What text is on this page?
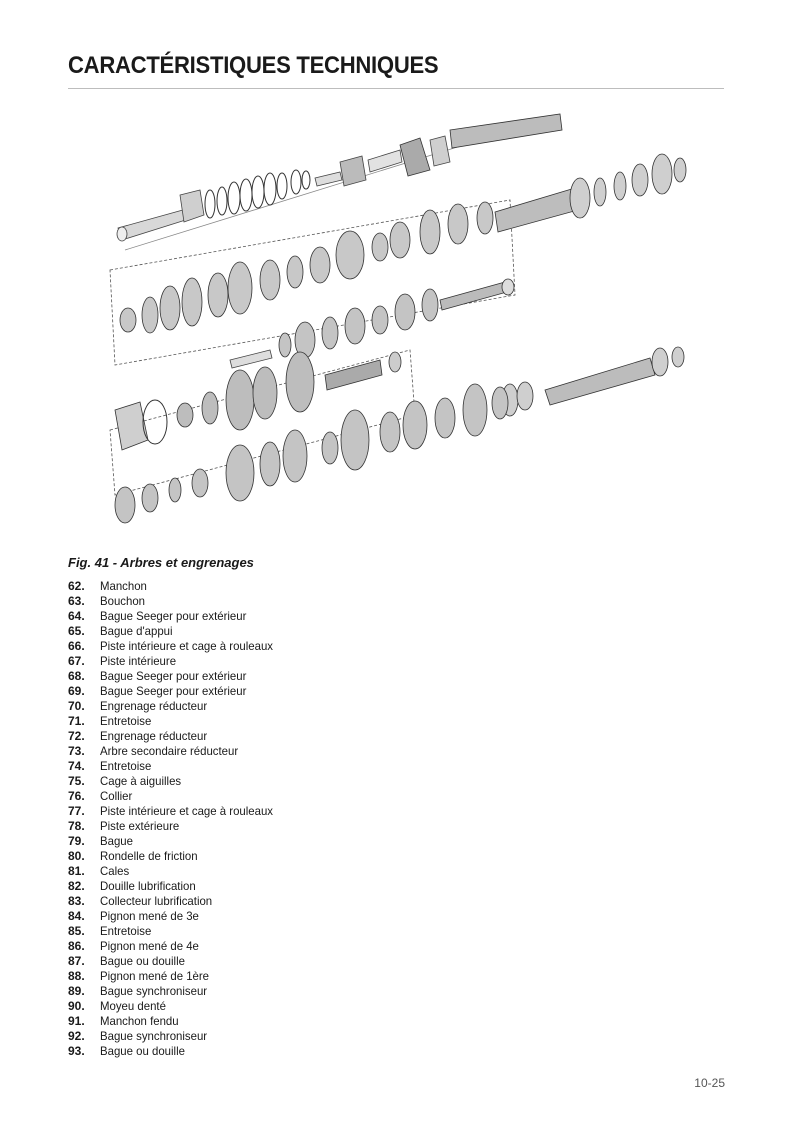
CARACTÉRISTIQUES TECHNIQUES
Fig. 41 - Arbres et engrenages
62.	Manchon
63.	Bouchon
64.	Bague Seeger pour extérieur
65.	Bague d'appui
66.	Piste intérieure et cage à rouleaux
67.	Piste intérieure
68.	Bague Seeger pour extérieur
69.	Bague Seeger pour extérieur
70.	Engrenage réducteur
71.	Entretoise
72.	Engrenage réducteur
73.	Arbre secondaire réducteur
74.	Entretoise
75.	Cage à aiguilles
76.	Collier
77.	Piste intérieure et cage à rouleaux
78.	Piste extérieure
79.	Bague
80.	Rondelle de friction
81.	Cales
82.	Douille lubrification
83.	Collecteur lubrification
84.	Pignon mené de 3e
85.	Entretoise
86.	Pignon mené de 4e
87.	Bague ou douille
88.	Pignon mené de 1ère
89.	Bague synchroniseur
90.	Moyeu denté
91.	Manchon fendu
92.	Bague synchroniseur
93.	Bague ou douille
10-25
